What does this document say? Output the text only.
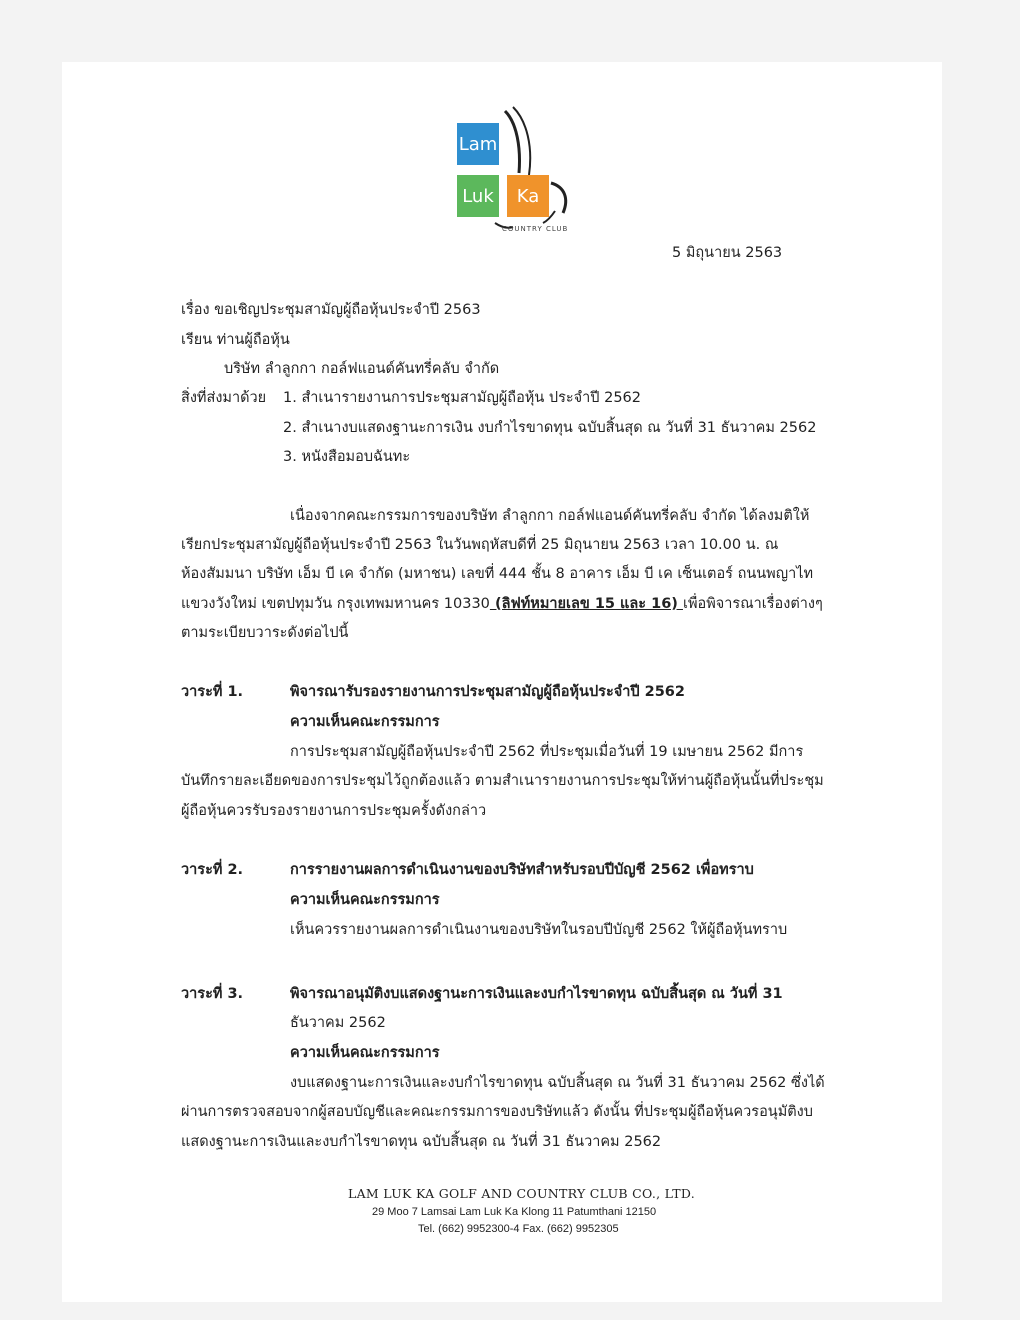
Lam
Luk Ka
COUNTRY CLUB
5 มิถุนายน 2563
เรื่อง ขอเชิญประชุมสามัญผู้ถือหุ้นประจำปี 2563
เรียน ท่านผู้ถือหุ้น
บริษัท ลำลูกกา กอล์ฟแอนด์คันทรี่คลับ จำกัด
สิ่งที่ส่งมาด้วย 1. สำเนารายงานการประชุมสามัญผู้ถือหุ้น ประจำปี 2562
2. สำเนางบแสดงฐานะการเงิน งบกำไรขาดทุน ฉบับสิ้นสุด ณ วันที่ 31 ธันวาคม 2562
3. หนังสือมอบฉันทะ
เนื่องจากคณะกรรมการของบริษัท ลำลูกกา กอล์ฟแอนด์คันทรี่คลับ จำกัด ได้ลงมติให้
เรียกประชุมสามัญผู้ถือหุ้นประจำปี 2563 ในวันพฤหัสบดีที่ 25 มิถุนายน 2563 เวลา 10.00 น. ณ
ห้องสัมมนา บริษัท เอ็ม บี เค จำกัด (มหาชน) เลขที่ 444 ชั้น 8 อาคาร เอ็ม บี เค เซ็นเตอร์ ถนนพญาไท
แขวงวังใหม่ เขตปทุมวัน กรุงเทพมหานคร 10330 (ลิฟท์หมายเลข 15 และ 16) เพื่อพิจารณาเรื่องต่างๆ
ตามระเบียบวาระดังต่อไปนี้
วาระที่ 1.	พิจารณารับรองรายงานการประชุมสามัญผู้ถือหุ้นประจำปี 2562
ความเห็นคณะกรรมการ
การประชุมสามัญผู้ถือหุ้นประจำปี 2562 ที่ประชุมเมื่อวันที่ 19 เมษายน 2562 มีการ
บันทึกรายละเอียดของการประชุมไว้ถูกต้องแล้ว ตามสำเนารายงานการประชุมให้ท่านผู้ถือหุ้นนั้นที่ประชุม
ผู้ถือหุ้นควรรับรองรายงานการประชุมครั้งดังกล่าว
วาระที่ 2.	การรายงานผลการดำเนินงานของบริษัทสำหรับรอบปีบัญชี 2562 เพื่อทราบ
ความเห็นคณะกรรมการ
เห็นควรรายงานผลการดำเนินงานของบริษัทในรอบปีบัญชี 2562 ให้ผู้ถือหุ้นทราบ
วาระที่ 3.	พิจารณาอนุมัติงบแสดงฐานะการเงินและงบกำไรขาดทุน ฉบับสิ้นสุด ณ วันที่ 31
ธันวาคม 2562
ความเห็นคณะกรรมการ
งบแสดงฐานะการเงินและงบกำไรขาดทุน ฉบับสิ้นสุด ณ วันที่ 31 ธันวาคม 2562 ซึ่งได้
ผ่านการตรวจสอบจากผู้สอบบัญชีและคณะกรรมการของบริษัทแล้ว ดังนั้น ที่ประชุมผู้ถือหุ้นควรอนุมัติงบ
แสดงฐานะการเงินและงบกำไรขาดทุน ฉบับสิ้นสุด ณ วันที่ 31 ธันวาคม 2562
LAM LUK KA GOLF AND COUNTRY CLUB CO., LTD.
29 Moo 7 Lamsai Lam Luk Ka Klong 11 Patumthani 12150
Tel. (662) 9952300-4 Fax. (662) 9952305
